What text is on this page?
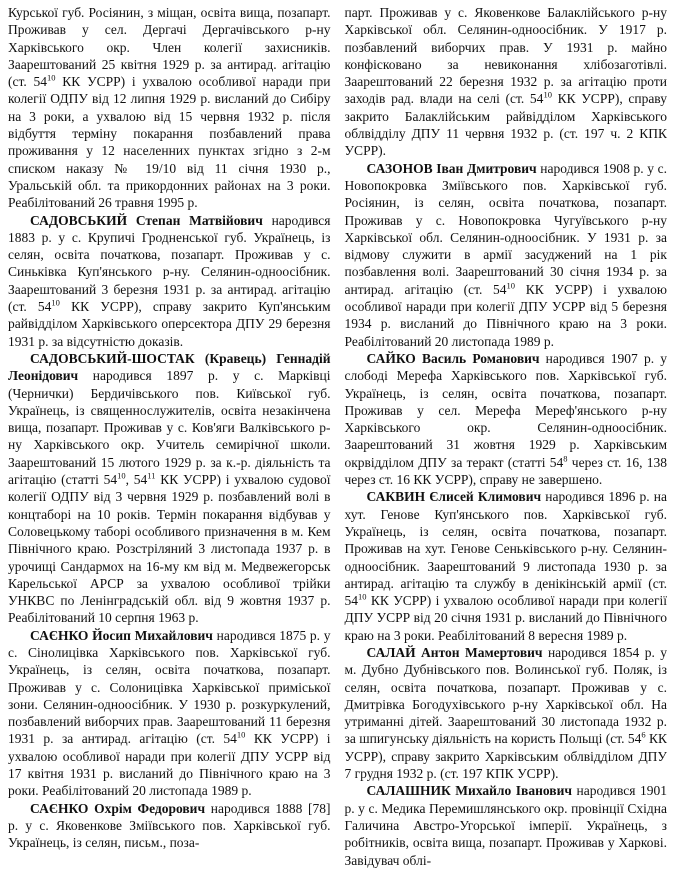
Курської губ. Росіянин, з міщан, освіта вища, позапарт. Проживав у сел. Дергачі Дергачівського р-ну Харківського окр. Член колегії захисників. Заарештований 25 квітня 1929 р. за антирад. агітацію (ст. $54^{10}$ КК УСРР) і ухвалою особливої наради при колегії ОДПУ від 12 липня 1929 р. висланий до Сибіру на 3 роки, а ухвалою від 15 червня 1932 р. після відбуття терміну покарання позбавлений права проживання у 12 населенних пунктах згідно з 2-м списком наказу № 19/10 від 11 січня 1930 р., Уральській обл. та прикордонних районах на 3 роки. Реабілітований 26 травня 1995 р.

САДОВСЬКИЙ Степан Матвійович народився 1883 р. у с. Крупичі Гродненської губ. Українець, із селян, освіта початкова, позапарт. Проживав у с. Синьківка Куп'янського р-ну. Селянин-одноосібник. Заарештований 3 березня 1931 р. за антирад. агітацію (ст. $54^{10}$ КК УСРР), справу закрито Куп'янським райвідділом Харківського оперсектора ДПУ 29 березня 1931 р. за відсутністю доказів.

САДОВСЬКИЙ-ШОСТАК (Кравець) Геннадій Леонідович народився 1897 р. у с. Марківці (Чернички) Бердичівського пов. Київської губ. Українець, із священнослужителів, освіта незакінчена вища, позапарт. Проживав у с. Ков'яги Валківського р-ну Харківського окр. Учитель семирічної школи. Заарештований 15 лютого 1929 р. за к.-р. діяльність та агітацію (статті $54^{10}$, $54^{11}$ КК УСРР) і ухвалою судової колегії ОДПУ від 3 червня 1929 р. позбавлений волі в концтаборі на 10 років. Термін покарання відбував у Соловецькому таборі особливого призначення в м. Кем Північного краю. Розстріляний 3 листопада 1937 р. в урочищі Сандармох на 16-му км від м. Медвежегорськ Карельської АРСР за ухвалою особливої трійки УНКВС по Ленінградській обл. від 9 жовтня 1937 р. Реабілітований 10 серпня 1963 р.

САЄНКО Йосип Михайлович народився 1875 р. у с. Сінолицівка Харківського пов. Харківської губ. Українець, із селян, освіта початкова, позапарт. Проживав у с. Солоницівка Харківської приміської зони. Селянин-одноосібник. У 1930 р. розкуркулений, позбавлений виборчих прав. Заарештований 11 березня 1931 р. за антирад. агітацію (ст. $54^{10}$ КК УСРР) і ухвалою особливої наради при колегії ДПУ УСРР від 17 квітня 1931 р. висланий до Північного краю на 3 роки. Реабілітований 20 листопада 1989 р.

САЄНКО Охрім Федорович народився 1888 [78] р. у с. Яковенкове Зміївського пов. Харківської губ. Українець, із селян, письм., поза-

парт. Проживав у с. Яковенкове Балаклійського р-ну Харківської обл. Селянин-одноосібник. У 1917 р. позбавлений виборчих прав. У 1931 р. майно конфісковано за невиконання хлібозаготівлі. Заарештований 22 березня 1932 р. за агітацію проти заходів рад. влади на селі (ст. $54^{10}$ КК УСРР), справу закрито Балаклійським райвідділом Харківського облвідділу ДПУ 11 червня 1932 р. (ст. 197 ч. 2 КПК УСРР).

САЗОНОВ Іван Дмитрович народився 1908 р. у с. Новопокровка Зміївського пов. Харківської губ. Росіянин, із селян, освіта початкова, позапарт. Проживав у с. Новопокровка Чугуївського р-ну Харківської обл. Селянин-одноосібник. У 1931 р. за відмову служити в армії засуджений на 1 рік позбавлення волі. Заарештований 30 січня 1934 р. за антирад. агітацію (ст. $54^{10}$ КК УСРР) і ухвалою особливої наради при колегії ДПУ УСРР від 5 березня 1934 р. висланий до Північного краю на 3 роки. Реабілітований 20 листопада 1989 р.

САЙКО Василь Романович народився 1907 р. у слободі Мерефа Харківського пов. Харківської губ. Українець, із селян, освіта початкова, позапарт. Проживав у сел. Мерефа Мереф'янського р-ну Харківського окр. Селянин-одноосібник. Заарештований 31 жовтня 1929 р. Харківським окрвідділом ДПУ за теракт (статті $54^8$ через ст. 16, 138 через ст. 16 КК УСРР), справу не завершено.

САКВИН Єлисей Климович народився 1896 р. на хут. Генове Куп'янського пов. Харківської губ. Українець, із селян, освіта початкова, позапарт. Проживав на хут. Генове Сеньківського р-ну. Селянин-одноосібник. Заарештований 9 листопада 1930 р. за антирад. агітацію та службу в денікінській армії (ст. $54^{10}$ КК УСРР) і ухвалою особливої наради при колегії ДПУ УСРР від 20 січня 1931 р. висланий до Північного краю на 3 роки. Реабілітований 8 вересня 1989 р.

САЛАЙ Антон Мамертович народився 1854 р. у м. Дубно Дубнівського пов. Волинської губ. Поляк, із селян, освіта початкова, позапарт. Проживав у с. Дмитрівка Богодухівського р-ну Харківської обл. На утриманні дітей. Заарештований 30 листопада 1932 р. за шпигунську діяльність на користь Польщі (ст. $54^6$ КК УСРР), справу закрито Харківським облвідділом ДПУ 7 грудня 1932 р. (ст. 197 КПК УСРР).

САЛАШНИК Михайло Іванович народився 1901 р. у с. Медика Перемишлянського окр. провінції Східна Галичина Австро-Угорської імперії. Українець, з робітників, освіта вища, позапарт. Проживав у Харкові. Завідувач облі-
